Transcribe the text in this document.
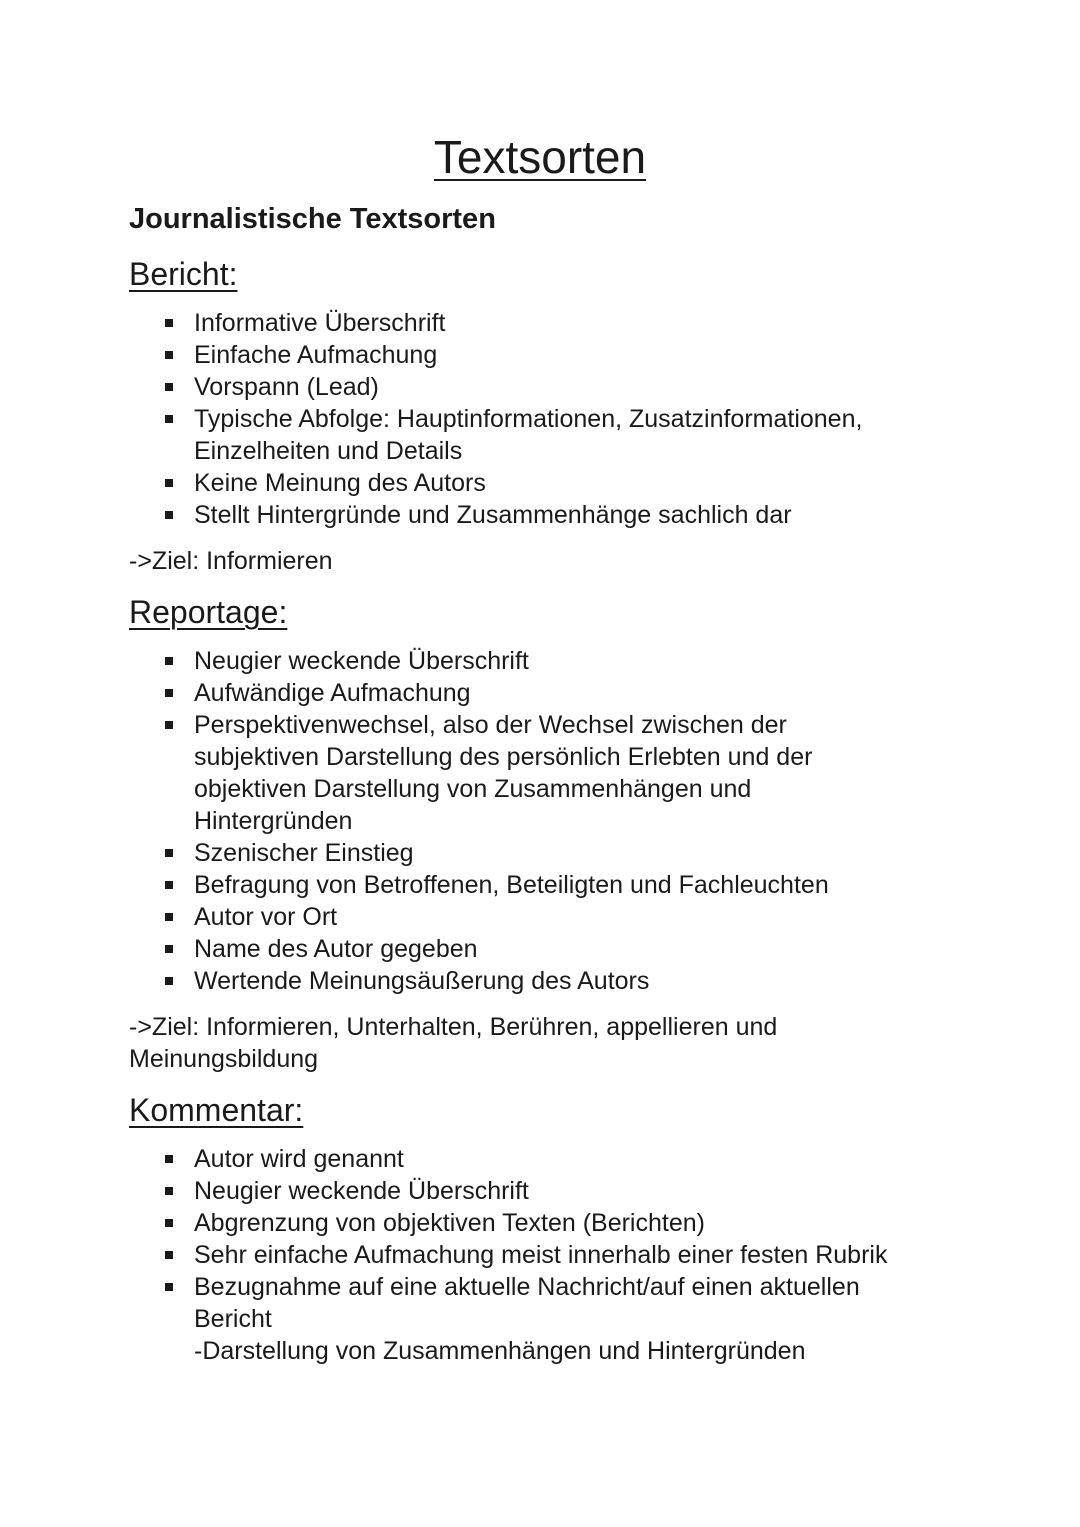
Textsorten
Journalistische Textsorten
Bericht:
Informative Überschrift
Einfache Aufmachung
Vorspann (Lead)
Typische Abfolge: Hauptinformationen, Zusatzinformationen,
Einzelheiten und Details
Keine Meinung des Autors
Stellt Hintergründe und Zusammenhänge sachlich dar
->Ziel: Informieren
Reportage:
Neugier weckende Überschrift
Aufwändige Aufmachung
Perspektivenwechsel, also der Wechsel zwischen der
subjektiven Darstellung des persönlich Erlebten und der
objektiven Darstellung von Zusammenhängen und
Hintergründen
Szenischer Einstieg
Befragung von Betroffenen, Beteiligten und Fachleuchten
Autor vor Ort
Name des Autor gegeben
Wertende Meinungsäußerung des Autors
->Ziel: Informieren, Unterhalten, Berühren, appellieren und
Meinungsbildung
Kommentar:
Autor wird genannt
Neugier weckende Überschrift
Abgrenzung von objektiven Texten (Berichten)
Sehr einfache Aufmachung meist innerhalb einer festen Rubrik
Bezugnahme auf eine aktuelle Nachricht/auf einen aktuellen
Bericht
-Darstellung von Zusammenhängen und Hintergründen
